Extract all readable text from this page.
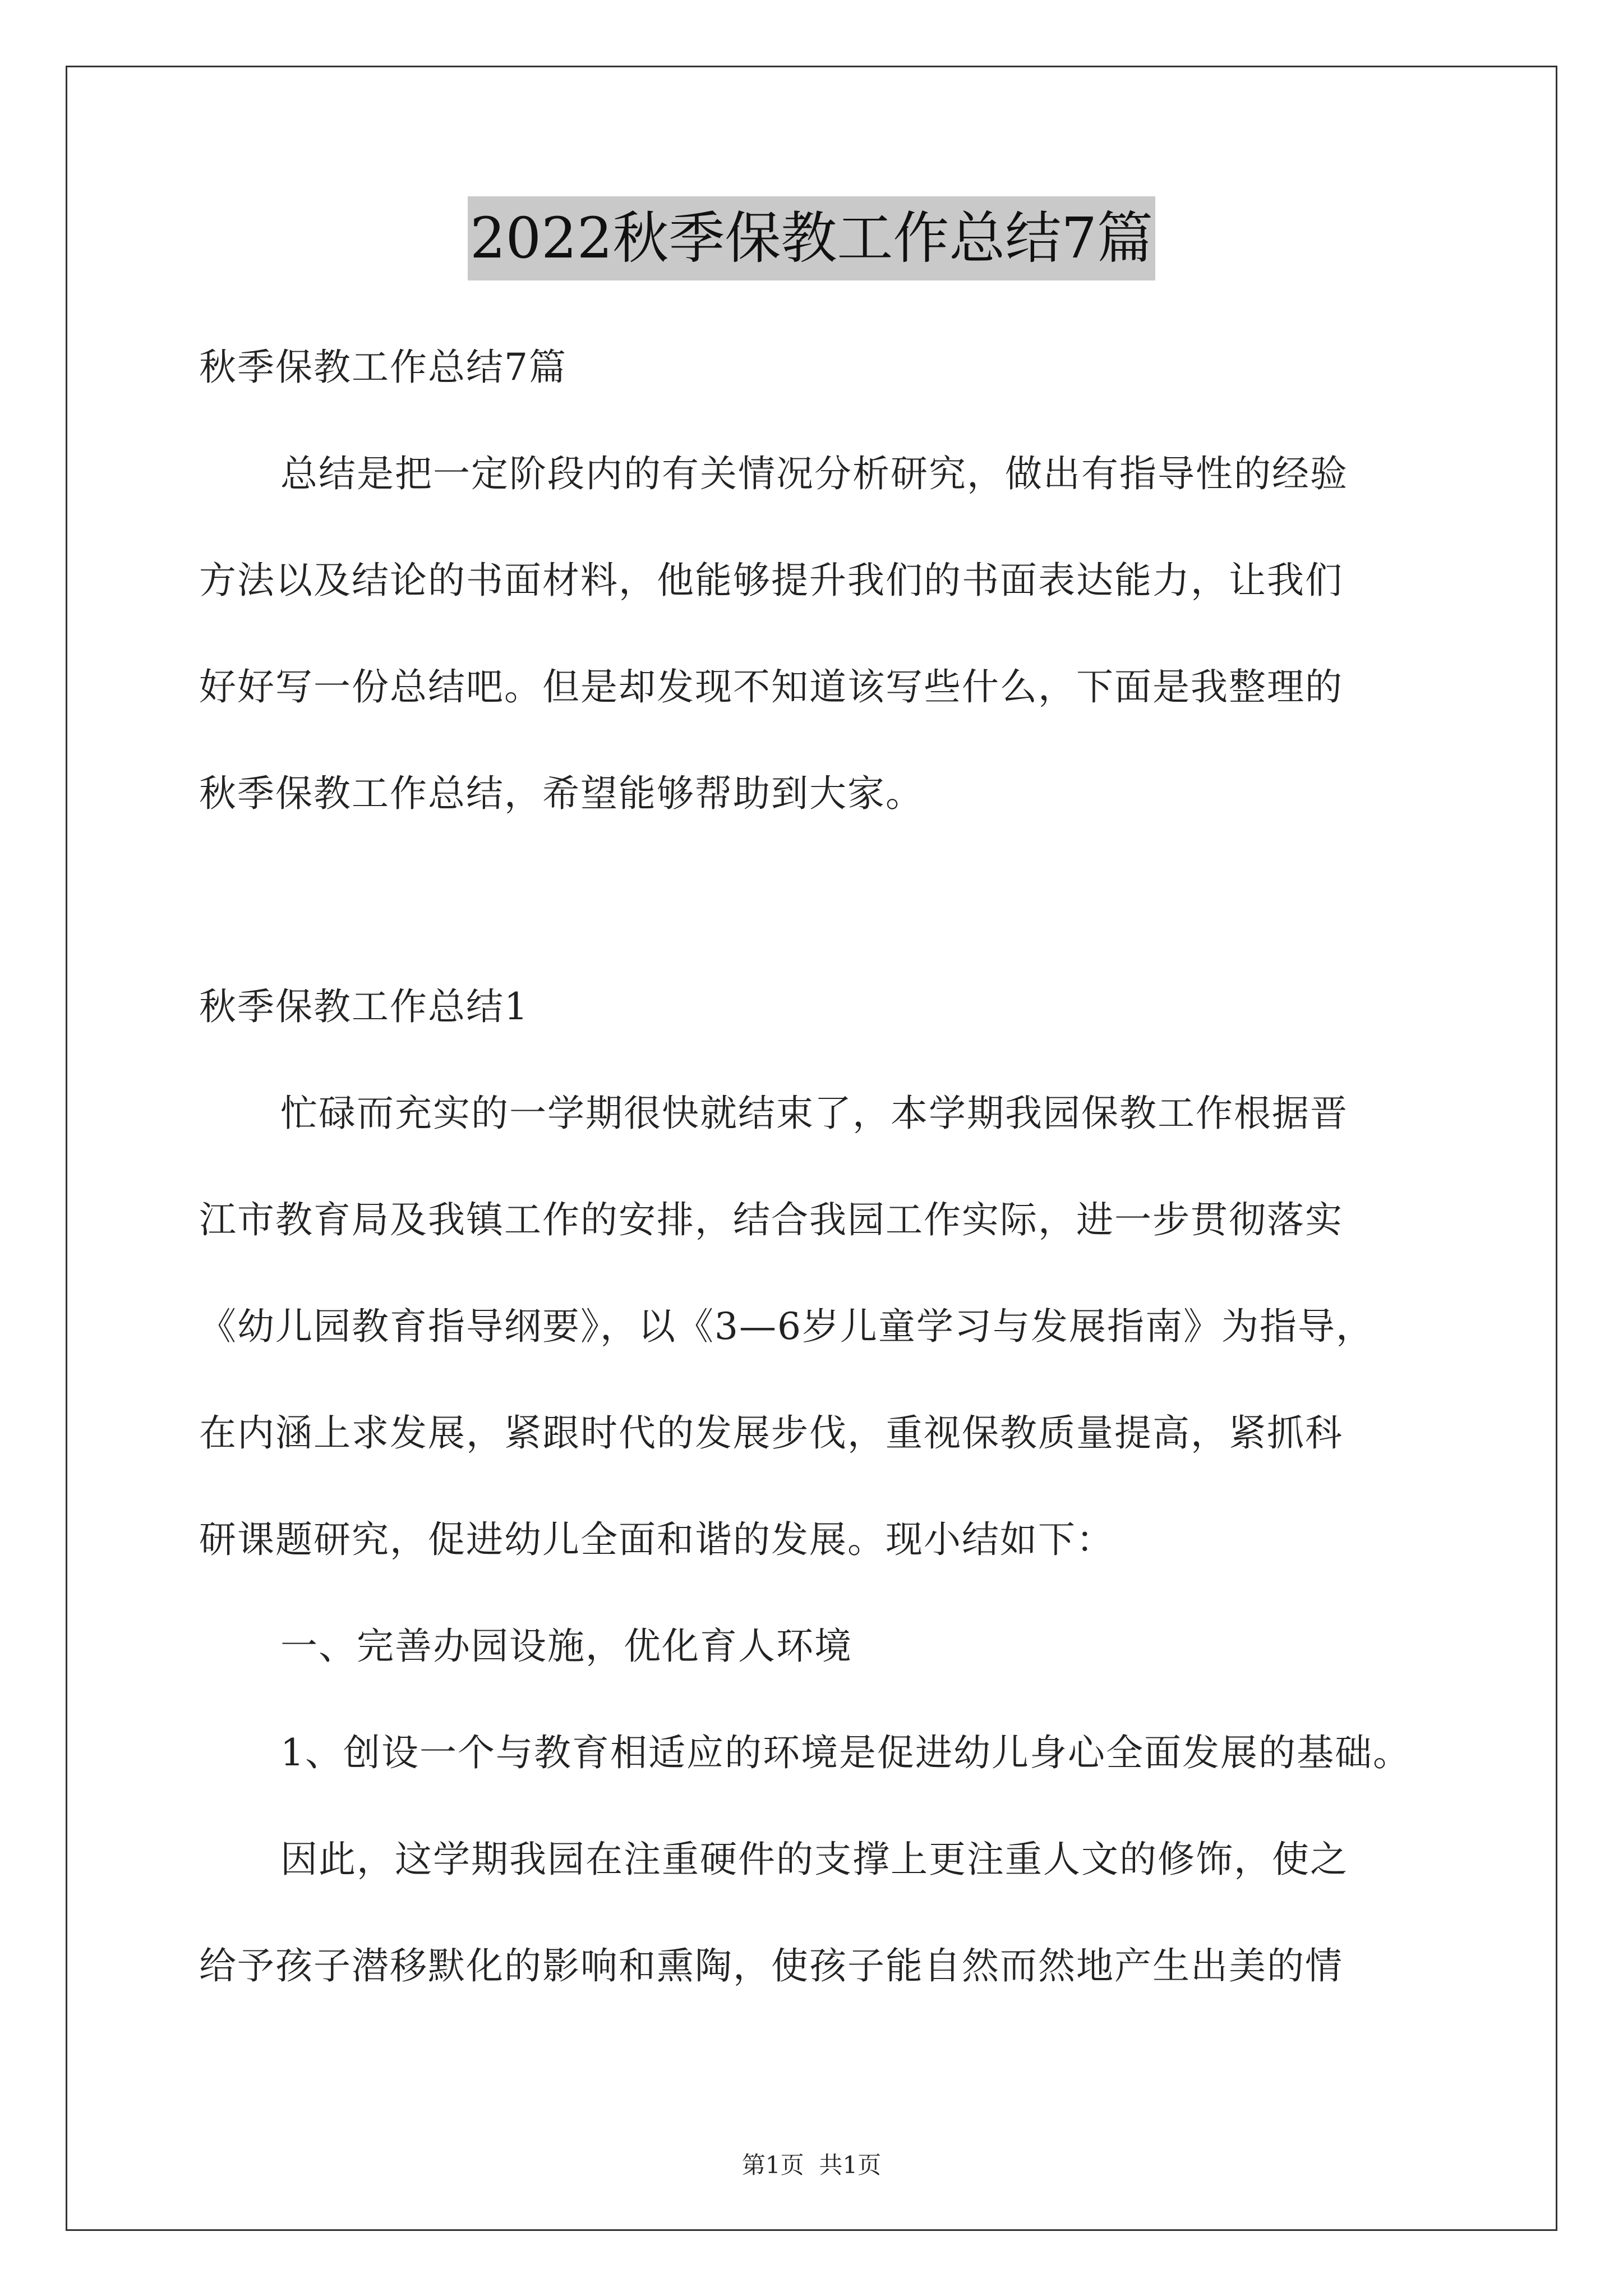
2022秋季保教工作总结7篇
秋季保教工作总结7篇
总结是把一定阶段内的有关情况分析研究，做出有指导性的经验
方法以及结论的书面材料，他能够提升我们的书面表达能力，让我们
好好写一份总结吧。但是却发现不知道该写些什么，下面是我整理的
秋季保教工作总结，希望能够帮助到大家。
秋季保教工作总结1
忙碌而充实的一学期很快就结束了，本学期我园保教工作根据晋
江市教育局及我镇工作的安排，结合我园工作实际，进一步贯彻落实
《幼儿园教育指导纲要》，以《3—6岁儿童学习与发展指南》为指导，
在内涵上求发展，紧跟时代的发展步伐，重视保教质量提高，紧抓科
研课题研究，促进幼儿全面和谐的发展。现小结如下：
一、完善办园设施，优化育人环境
1、创设一个与教育相适应的环境是促进幼儿身心全面发展的基础。
因此，这学期我园在注重硬件的支撑上更注重人文的修饰，使之
给予孩子潜移默化的影响和熏陶，使孩子能自然而然地产生出美的情
第1页  共1页
